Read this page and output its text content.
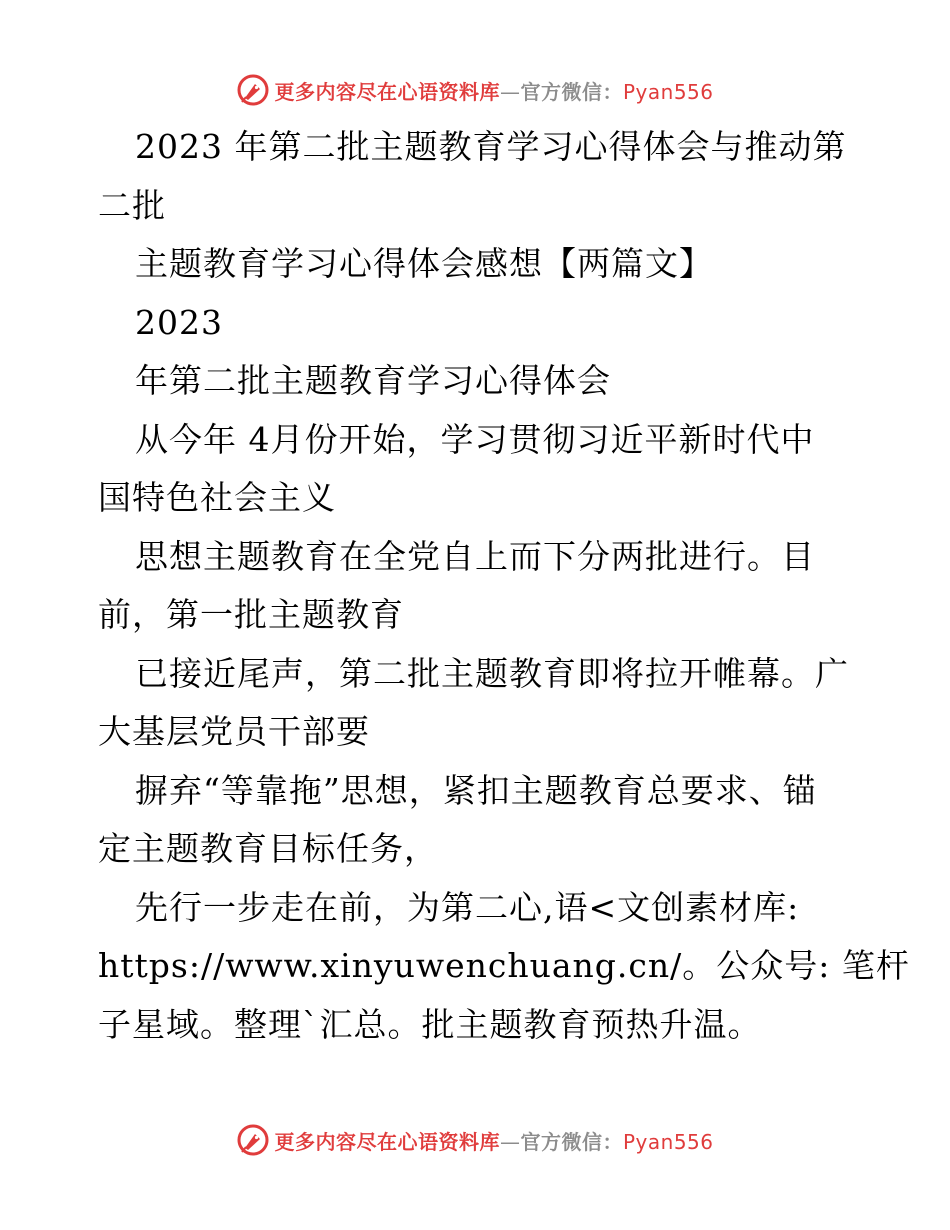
更多内容尽在心语资料库—官方微信：Pyan556
2023 年第二批主题教育学习心得体会与推动第
二批
主题教育学习心得体会感想【两篇文】
2023
年第二批主题教育学习心得体会
从今年 4月份开始，学习贯彻习近平新时代中
国特色社会主义
思想主题教育在全党自上而下分两批进行。目
前，第一批主题教育
已接近尾声，第二批主题教育即将拉开帷幕。广
大基层党员干部要
摒弃“等靠拖”思想，紧扣主题教育总要求、锚
定主题教育目标任务，
先行一步走在前，为第二心,语<文创素材库:
https://www.xinyuwenchuang.cn/。公众号: 笔杆
子星域。整理`汇总。批主题教育预热升温。
更多内容尽在心语资料库—官方微信：Pyan556
